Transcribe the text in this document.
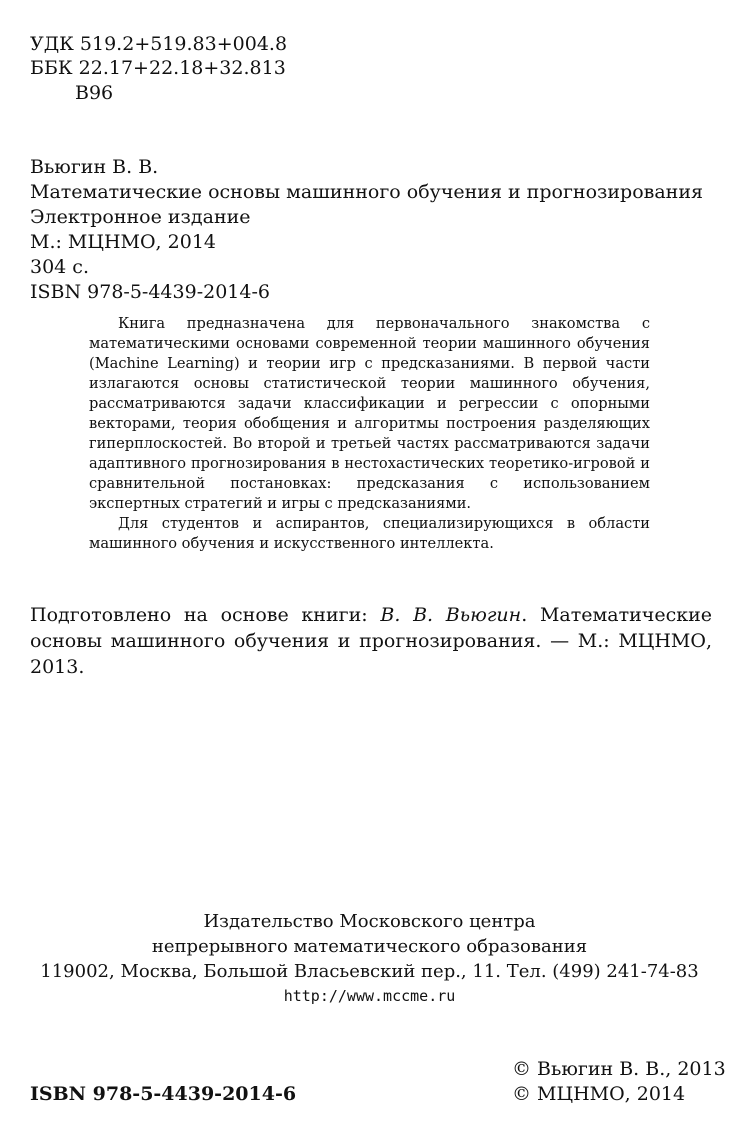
УДК 519.2+519.83+004.8
ББК 22.17+22.18+32.813
В96
Вьюгин В. В.
Математические основы машинного обучения и прогнозирования
Электронное издание
М.: МЦНМО, 2014
304 с.
ISBN 978-5-4439-2014-6

Книга предназначена для первоначального знакомства с математическими основами современной теории машинного обучения (Machine Learning) и теории игр с предсказаниями. В первой части излагаются основы статистической теории машинного обучения, рассматриваются задачи классификации и регрессии с опорными векторами, теория обобщения и алгоритмы построения разделяющих гиперплоскостей. Во второй и третьей частях рассматриваются задачи адаптивного прогнозирования в нестохастических теоретико-игровой и сравнительной постановках: предсказания с использованием экспертных стратегий и игры с предсказаниями.

Для студентов и аспирантов, специализирующихся в области машинного обучения и искусственного интеллекта.

Подготовлено на основе книги: В. В. Вьюгин. Математические основы машинного обучения и прогнозирования. — М.: МЦНМО, 2013.
Издательство Московского центра
непрерывного математического образования
119002, Москва, Большой Власьевский пер., 11. Тел. (499) 241-74-83
http://www.mccme.ru
ISBN 978-5-4439-2014-6
© Вьюгин В. В., 2013
© МЦНМО, 2014
